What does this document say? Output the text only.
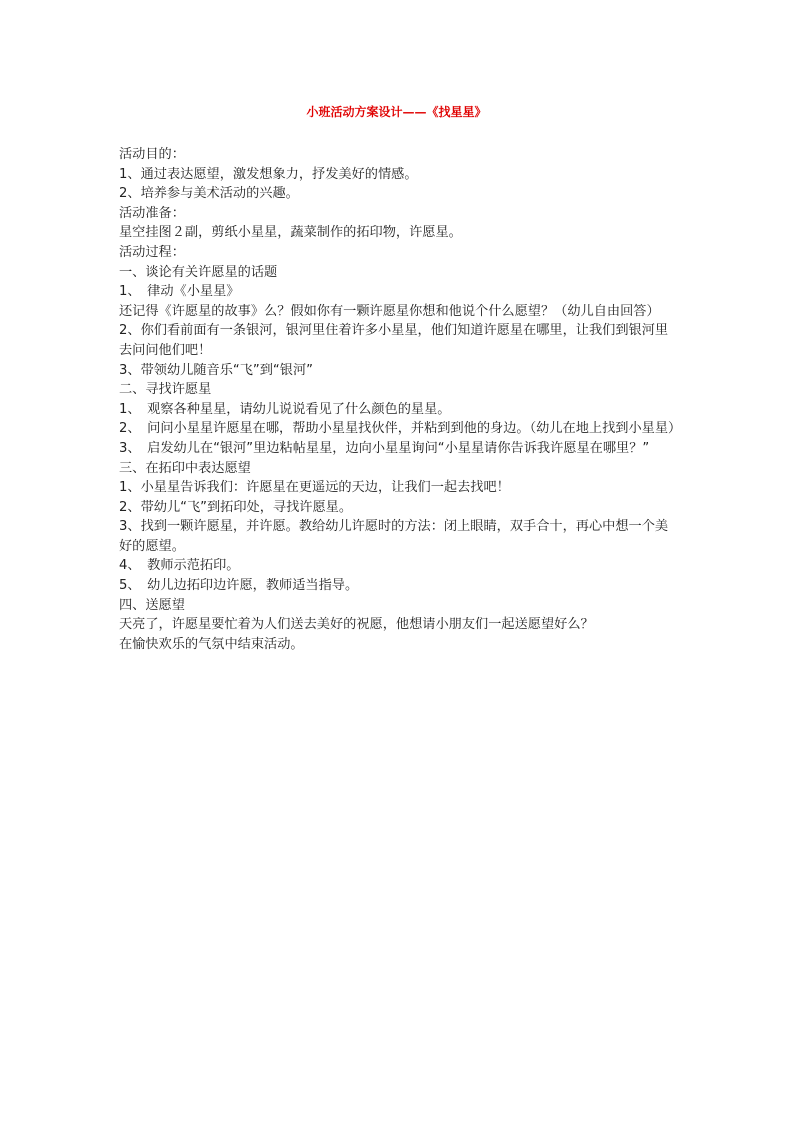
小班活动方案设计——《找星星》

活动目的：

1、通过表达愿望，激发想象力，抒发美好的情感。

2、培养参与美术活动的兴趣。

活动准备：

星空挂图２副，剪纸小星星，蔬菜制作的拓印物，许愿星。

活动过程：

一、谈论有关许愿星的话题

1、　律动《小星星》

还记得《许愿星的故事》么？假如你有一颗许愿星你想和他说个什么愿望？（幼儿自由回答）

2、你们看前面有一条银河，银河里住着许多小星星，他们知道许愿星在哪里，让我们到银河里去问问他们吧！

3、带领幼儿随音乐“飞”到“银河”

二、寻找许愿星

1、　观察各种星星，请幼儿说说看见了什么颜色的星星。

2、　问问小星星许愿星在哪，帮助小星星找伙伴，并粘到到他的身边。（幼儿在地上找到小星星）

3、　启发幼儿在“银河”里边粘帖星星，边向小星星询问“小星星请你告诉我许愿星在哪里？”

三、在拓印中表达愿望

1、小星星告诉我们：许愿星在更遥远的天边，让我们一起去找吧！

2、带幼儿“飞”到拓印处，寻找许愿星。

3、找到一颗许愿星，并许愿。教给幼儿许愿时的方法：闭上眼睛，双手合十，再心中想一个美好的愿望。

4、　教师示范拓印。

5、　幼儿边拓印边许愿，教师适当指导。

四、送愿望

天亮了，许愿星要忙着为人们送去美好的祝愿，他想请小朋友们一起送愿望好么？

在愉快欢乐的气氛中结束活动。
